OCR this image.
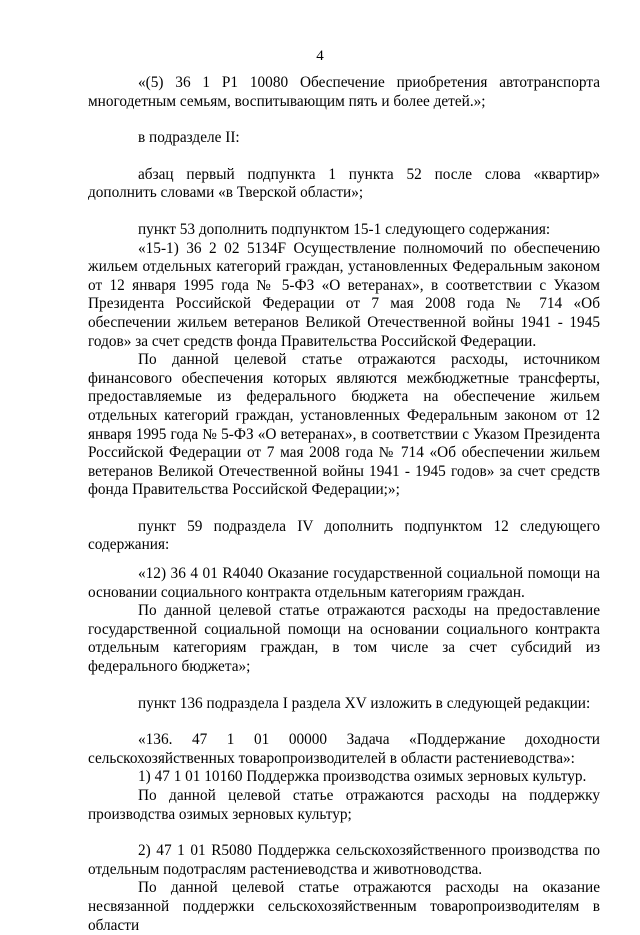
4

«(5) 36 1 P1 10080 Обеспечение приобретения автотранспорта многодетным семьям, воспитывающим пять и более детей.»;

в подразделе II:

абзац первый подпункта 1 пункта 52 после слова «квартир» дополнить словами «в Тверской области»;

пункт 53 дополнить подпунктом 15-1 следующего содержания:

«15-1) 36 2 02 5134F Осуществление полномочий по обеспечению жильем отдельных категорий граждан, установленных Федеральным законом от 12 января 1995 года № 5-ФЗ «О ветеранах», в соответствии с Указом Президента Российской Федерации от 7 мая 2008 года № 714 «Об обеспечении жильем ветеранов Великой Отечественной войны 1941 - 1945 годов» за счет средств фонда Правительства Российской Федерации.

По данной целевой статье отражаются расходы, источником финансового обеспечения которых являются межбюджетные трансферты, предоставляемые из федерального бюджета на обеспечение жильем отдельных категорий граждан, установленных Федеральным законом от 12 января 1995 года № 5-ФЗ «О ветеранах», в соответствии с Указом Президента Российской Федерации от 7 мая 2008 года № 714 «Об обеспечении жильем ветеранов Великой Отечественной войны 1941 - 1945 годов» за счет средств фонда Правительства Российской Федерации;»;

пункт 59 подраздела IV дополнить подпунктом 12 следующего содержания:

«12) 36 4 01 R4040 Оказание государственной социальной помощи на основании социального контракта отдельным категориям граждан.

По данной целевой статье отражаются расходы на предоставление государственной социальной помощи на основании социального контракта отдельным категориям граждан, в том числе за счет субсидий из федерального бюджета»;

пункт 136 подраздела I раздела XV изложить в следующей редакции:

«136. 47 1 01 00000 Задача «Поддержание доходности сельскохозяйственных товаропроизводителей в области растениеводства»:

1) 47 1 01 10160 Поддержка производства озимых зерновых культур.

По данной целевой статье отражаются расходы на поддержку производства озимых зерновых культур;

2) 47 1 01 R5080 Поддержка сельскохозяйственного производства по отдельным подотраслям растениеводства и животноводства.

По данной целевой статье отражаются расходы на оказание несвязанной поддержки сельскохозяйственным товаропроизводителям в области
